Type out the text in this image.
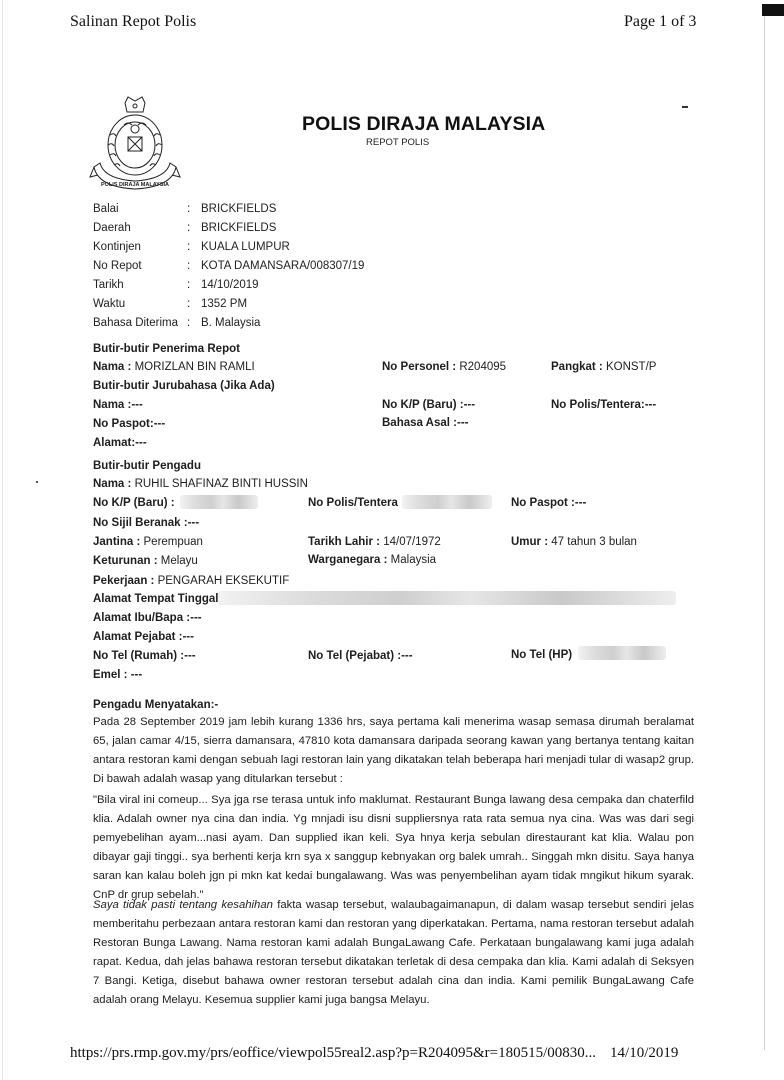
Salinan Repot Polis	Page 1 of 3
POLIS DIRAJA MALAYSIA
POLIS DIRAJA MALAYSIA
REPOT POLIS
Balai	: BRICKFIELDS
Daerah	: BRICKFIELDS
Kontinjen	: KUALA LUMPUR
No Repot	: KOTA DAMANSARA/008307/19
Tarikh	: 14/10/2019
Waktu	: 1352 PM
Bahasa Diterima : B. Malaysia
Butir-butir Penerima Repot
Nama : MORIZLAN BIN RAMLI	No Personel : R204095	Pangkat : KONST/P
Butir-butir Jurubahasa (Jika Ada)
Nama :---	No K/P (Baru) :---	No Polis/Tentera:---
No Paspot:---	Bahasa Asal :---
Alamat:---
Butir-butir Pengadu
Nama : RUHIL SHAFINAZ BINTI HUSSIN
No K/P (Baru) :	No Polis/Tentera	No Paspot :---
No Sijil Beranak :---
Jantina : Perempuan	Tarikh Lahir : 14/07/1972	Umur : 47 tahun 3 bulan
Keturunan : Melayu	Warganegara : Malaysia
Pekerjaan : PENGARAH EKSEKUTIF
Alamat Tempat Tinggal
Alamat Ibu/Bapa :---
Alamat Pejabat :---
No Tel (Rumah) :---	No Tel (Pejabat) :---	No Tel (HP)
Emel : ---
Pengadu Menyatakan:-
Pada 28 September 2019 jam lebih kurang 1336 hrs, saya pertama kali menerima wasap semasa dirumah beralamat 65, jalan camar 4/15, sierra damansara, 47810 kota damansara daripada seorang kawan yang bertanya tentang kaitan antara restoran kami dengan sebuah lagi restoran lain yang dikatakan telah beberapa hari menjadi tular di wasap2 grup. Di bawah adalah wasap yang ditularkan tersebut :
"Bila viral ini comeup... Sya jga rse terasa untuk info maklumat. Restaurant Bunga lawang desa cempaka dan chaterfild klia. Adalah owner nya cina dan india. Yg mnjadi isu disni suppliersnya rata rata semua nya cina. Was was dari segi pemyebelihan ayam...nasi ayam. Dan supplied ikan keli. Sya hnya kerja sebulan direstaurant kat klia. Walau pon dibayar gaji tinggi.. sya berhenti kerja krn sya x sanggup kebnyakan org balek umrah.. Singgah mkn disitu. Saya hanya saran kan kalau boleh jgn pi mkn kat kedai bungalawang. Was was penyembelihan ayam tidak mngikut hikum syarak. CnP dr grup sebelah."
Saya tidak pasti tentang kesahihan fakta wasap tersebut, walaubagaimanapun, di dalam wasap tersebut sendiri jelas memberitahu perbezaan antara restoran kami dan restoran yang diperkatakan. Pertama, nama restoran tersebut adalah Restoran Bunga Lawang. Nama restoran kami adalah BungaLawang Cafe. Perkataan bungalawang kami juga adalah rapat. Kedua, dah jelas bahawa restoran tersebut dikatakan terletak di desa cempaka dan klia. Kami adalah di Seksyen 7 Bangi. Ketiga, disebut bahawa owner restoran tersebut adalah cina dan india. Kami pemilik BungaLawang Cafe adalah orang Melayu. Kesemua supplier kami juga bangsa Melayu.
https://prs.rmp.gov.my/prs/eoffice/viewpol55real2.asp?p=R204095&r=180515/00830... 14/10/2019
